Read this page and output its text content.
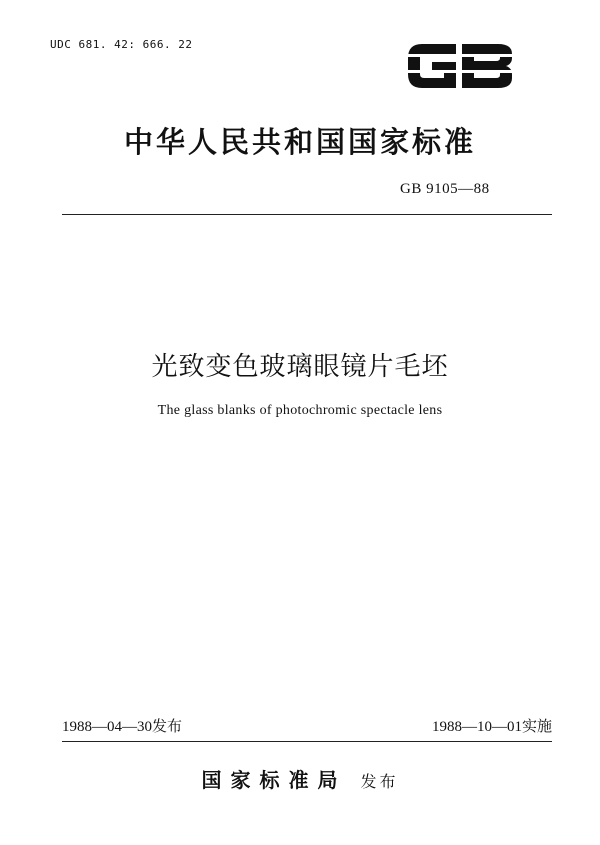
UDC 681. 42: 666. 22
中华人民共和国国家标准
GB 9105—88
光致变色玻璃眼镜片毛坯
The glass blanks of photochromic spectacle lens
1988—04—30发布	1988—10—01实施
国家标准局 发布
